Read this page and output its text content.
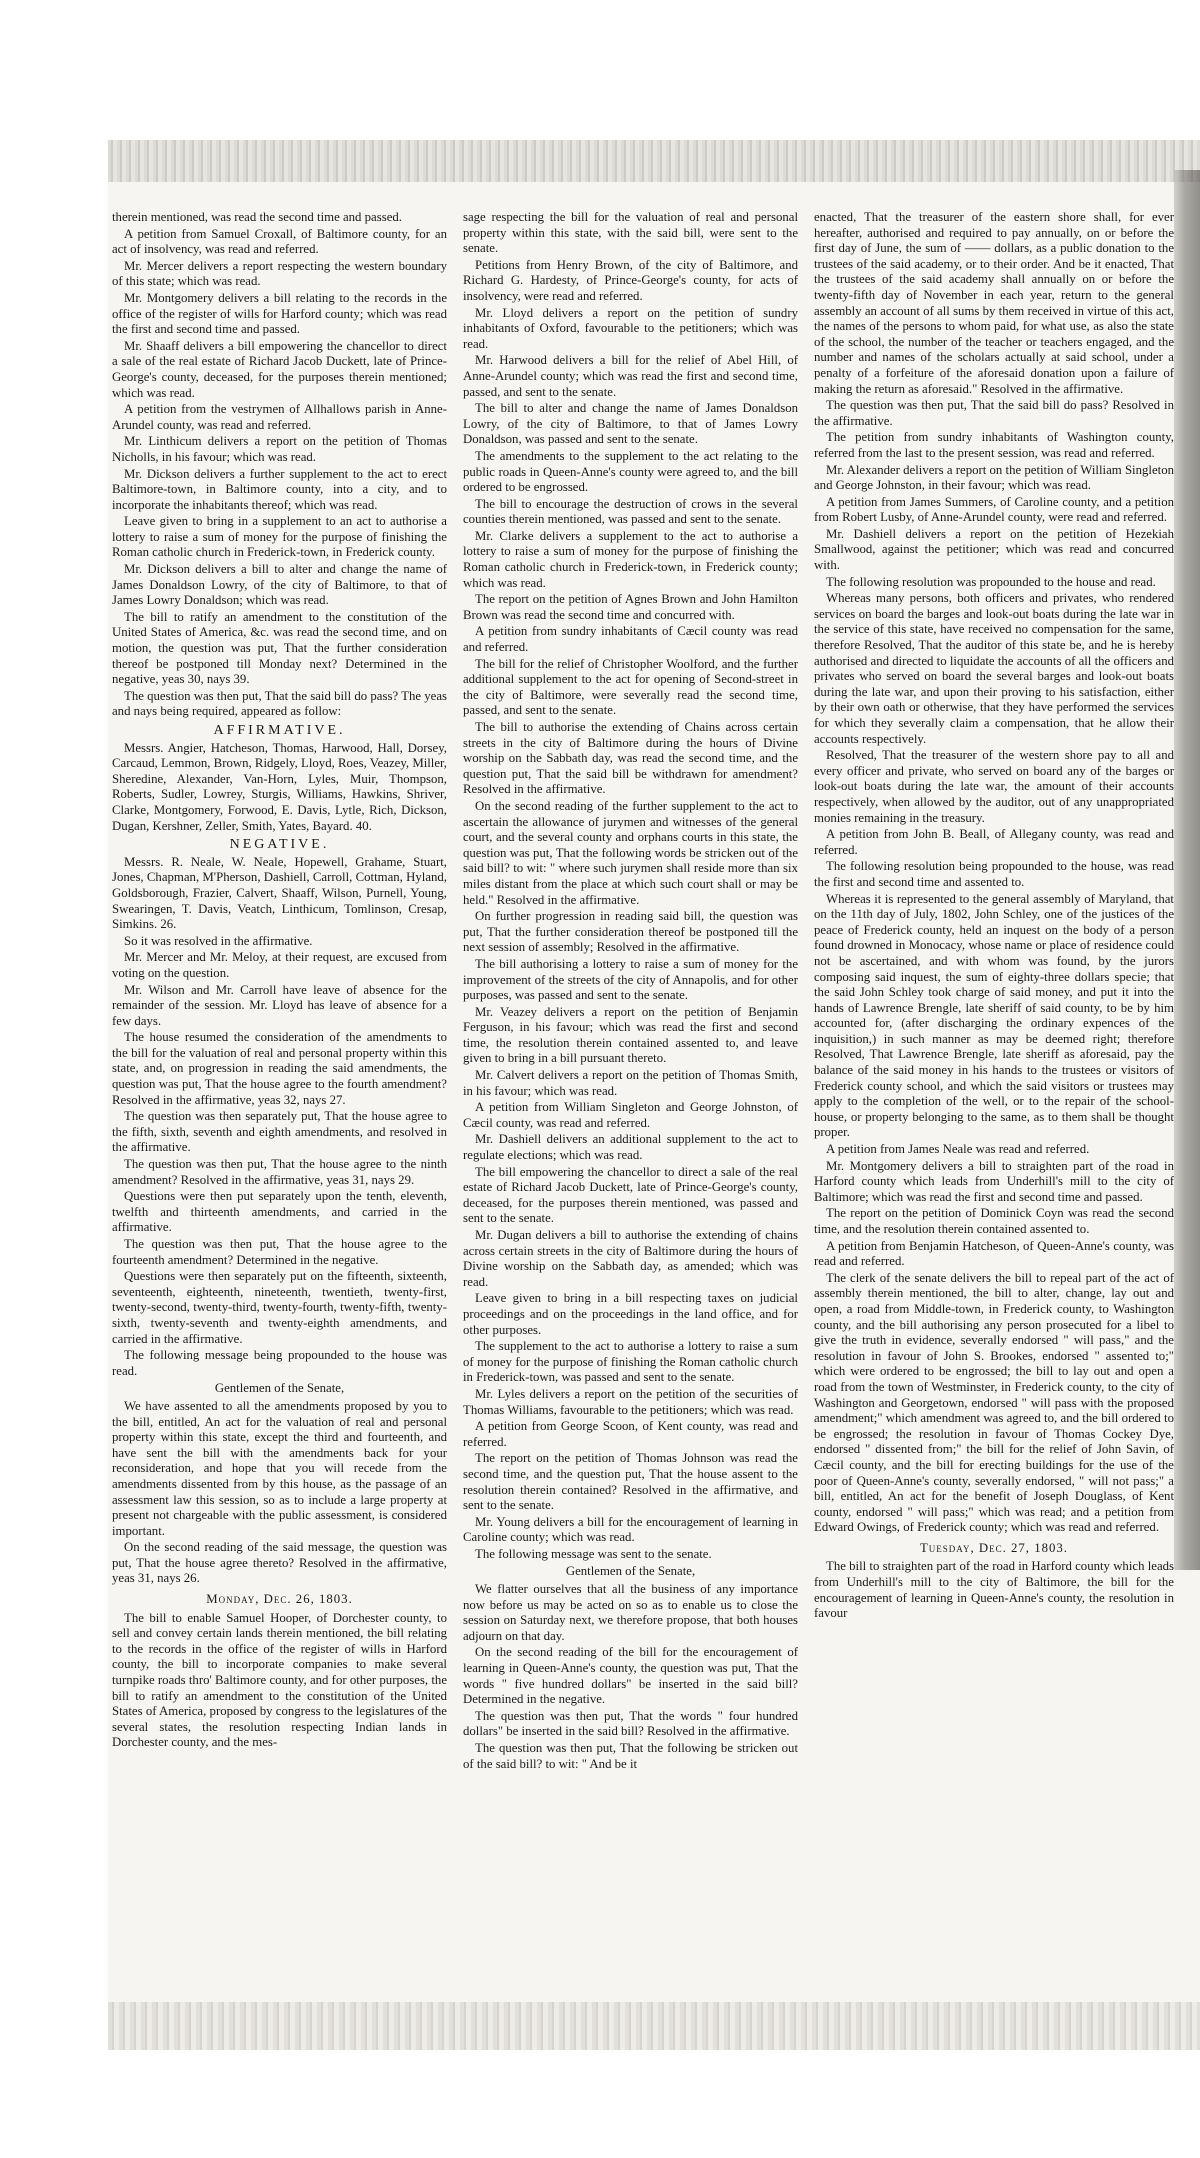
therein mentioned, was read the second time and passed.

A petition from Samuel Croxall, of Baltimore county, for an act of insolvency, was read and referred.

Mr. Mercer delivers a report respecting the western boundary of this state; which was read.

Mr. Montgomery delivers a bill relating to the records in the office of the register of wills for Harford county; which was read the first and second time and passed.

Mr. Shaaff delivers a bill empowering the chancellor to direct a sale of the real estate of Richard Jacob Duckett, late of Prince-George's county, deceased, for the purposes therein mentioned; which was read.

A petition from the vestrymen of Allhallows parish in Anne-Arundel county, was read and referred.

Mr. Linthicum delivers a report on the petition of Thomas Nicholls, in his favour; which was read.

Mr. Dickson delivers a further supplement to the act to erect Baltimore-town, in Baltimore county, into a city, and to incorporate the inhabitants thereof; which was read.

Leave given to bring in a supplement to an act to authorise a lottery to raise a sum of money for the purpose of finishing the Roman catholic church in Frederick-town, in Frederick county.

Mr. Dickson delivers a bill to alter and change the name of James Donaldson Lowry, of the city of Baltimore, to that of James Lowry Donaldson; which was read.

The bill to ratify an amendment to the constitution of the United States of America, &c. was read the second time, and on motion, the question was put, That the further consideration thereof be postponed till Monday next? Determined in the negative, yeas 30, nays 39.

The question was then put, That the said bill do pass? The yeas and nays being required, appeared as follow:

AFFIRMATIVE.

Messrs. Angier, Hatcheson, Thomas, Harwood, Hall, Dorsey, Carcaud, Lemmon, Brown, Ridgely, Lloyd, Roes, Veazey, Miller, Sheredine, Alexander, Van-Horn, Lyles, Muir, Thompson, Roberts, Sudler, Lowrey, Sturgis, Williams, Hawkins, Shriver, Clarke, Montgomery, Forwood, E. Davis, Lytle, Rich, Dickson, Dugan, Kershner, Zeller, Smith, Yates, Bayard. 40.

NEGATIVE.

Messrs. R. Neale, W. Neale, Hopewell, Grahame, Stuart, Jones, Chapman, M'Pherson, Dashiell, Carroll, Cottman, Hyland, Goldsborough, Frazier, Calvert, Shaaff, Wilson, Purnell, Young, Swearingen, T. Davis, Veatch, Linthicum, Tomlinson, Cresap, Simkins. 26.

So it was resolved in the affirmative.

Mr. Mercer and Mr. Meloy, at their request, are excused from voting on the question.

Mr. Wilson and Mr. Carroll have leave of absence for the remainder of the session. Mr. Lloyd has leave of absence for a few days.

The house resumed the consideration of the amendments to the bill for the valuation of real and personal property within this state, and, on progression in reading the said amendments, the question was put, That the house agree to the fourth amendment? Resolved in the affirmative, yeas 32, nays 27.

The question was then separately put, That the house agree to the fifth, sixth, seventh and eighth amendments, and resolved in the affirmative.

The question was then put, That the house agree to the ninth amendment? Resolved in the affirmative, yeas 31, nays 29.

Questions were then put separately upon the tenth, eleventh, twelfth and thirteenth amendments, and carried in the affirmative.

The question was then put, That the house agree to the fourteenth amendment? Determined in the negative.

Questions were then separately put on the fifteenth, sixteenth, seventeenth, eighteenth, nineteenth, twentieth, twenty-first, twenty-second, twenty-third, twenty-fourth, twenty-fifth, twenty-sixth, twenty-seventh and twenty-eighth amendments, and carried in the affirmative.

The following message being propounded to the house was read.

Gentlemen of the Senate,

We have assented to all the amendments proposed by you to the bill, entitled, An act for the valuation of real and personal property within this state, except the third and fourteenth, and have sent the bill with the amendments back for your reconsideration, and hope that you will recede from the amendments dissented from by this house, as the passage of an assessment law this session, so as to include a large property at present not chargeable with the public assessment, is considered important.

On the second reading of the said message, the question was put, That the house agree thereto? Resolved in the affirmative, yeas 31, nays 26.

Monday, Dec. 26, 1803.

The bill to enable Samuel Hooper, of Dorchester county, to sell and convey certain lands therein mentioned, the bill relating to the records in the office of the register of wills in Harford county, the bill to incorporate companies to make several turnpike roads thro' Baltimore county, and for other purposes, the bill to ratify an amendment to the constitution of the United States of America, proposed by congress to the legislatures of the several states, the resolution respecting Indian lands in Dorchester county, and the mes-

sage respecting the bill for the valuation of real and personal property within this state, with the said bill, were sent to the senate.

Petitions from Henry Brown, of the city of Baltimore, and Richard G. Hardesty, of Prince-George's county, for acts of insolvency, were read and referred.

Mr. Lloyd delivers a report on the petition of sundry inhabitants of Oxford, favourable to the petitioners; which was read.

Mr. Harwood delivers a bill for the relief of Abel Hill, of Anne-Arundel county; which was read the first and second time, passed, and sent to the senate.

The bill to alter and change the name of James Donaldson Lowry, of the city of Baltimore, to that of James Lowry Donaldson, was passed and sent to the senate.

The amendments to the supplement to the act relating to the public roads in Queen-Anne's county were agreed to, and the bill ordered to be engrossed.

The bill to encourage the destruction of crows in the several counties therein mentioned, was passed and sent to the senate.

Mr. Clarke delivers a supplement to the act to authorise a lottery to raise a sum of money for the purpose of finishing the Roman catholic church in Frederick-town, in Frederick county; which was read.

The report on the petition of Agnes Brown and John Hamilton Brown was read the second time and concurred with.

A petition from sundry inhabitants of Cæcil county was read and referred.

The bill for the relief of Christopher Woolford, and the further additional supplement to the act for opening of Second-street in the city of Baltimore, were severally read the second time, passed, and sent to the senate.

The bill to authorise the extending of Chains across certain streets in the city of Baltimore during the hours of Divine worship on the Sabbath day, was read the second time, and the question put, That the said bill be withdrawn for amendment? Resolved in the affirmative.

On the second reading of the further supplement to the act to ascertain the allowance of jurymen and witnesses of the general court, and the several county and orphans courts in this state, the question was put, That the following words be stricken out of the said bill? to wit: " where such jurymen shall reside more than six miles distant from the place at which such court shall or may be held." Resolved in the affirmative.

On further progression in reading said bill, the question was put, That the further consideration thereof be postponed till the next session of assembly; Resolved in the affirmative.

The bill authorising a lottery to raise a sum of money for the improvement of the streets of the city of Annapolis, and for other purposes, was passed and sent to the senate.

Mr. Veazey delivers a report on the petition of Benjamin Ferguson, in his favour; which was read the first and second time, the resolution therein contained assented to, and leave given to bring in a bill pursuant thereto.

Mr. Calvert delivers a report on the petition of Thomas Smith, in his favour; which was read.

A petition from William Singleton and George Johnston, of Cæcil county, was read and referred.

Mr. Dashiell delivers an additional supplement to the act to regulate elections; which was read.

The bill empowering the chancellor to direct a sale of the real estate of Richard Jacob Duckett, late of Prince-George's county, deceased, for the purposes therein mentioned, was passed and sent to the senate.

Mr. Dugan delivers a bill to authorise the extending of chains across certain streets in the city of Baltimore during the hours of Divine worship on the Sabbath day, as amended; which was read.

Leave given to bring in a bill respecting taxes on judicial proceedings and on the proceedings in the land office, and for other purposes.

The supplement to the act to authorise a lottery to raise a sum of money for the purpose of finishing the Roman catholic church in Frederick-town, was passed and sent to the senate.

Mr. Lyles delivers a report on the petition of the securities of Thomas Williams, favourable to the petitioners; which was read.

A petition from George Scoon, of Kent county, was read and referred.

The report on the petition of Thomas Johnson was read the second time, and the question put, That the house assent to the resolution therein contained? Resolved in the affirmative, and sent to the senate.

Mr. Young delivers a bill for the encouragement of learning in Caroline county; which was read.

The following message was sent to the senate.

Gentlemen of the Senate,

We flatter ourselves that all the business of any importance now before us may be acted on so as to enable us to close the session on Saturday next, we therefore propose, that both houses adjourn on that day.

On the second reading of the bill for the encouragement of learning in Queen-Anne's county, the question was put, That the words " five hundred dollars" be inserted in the said bill? Determined in the negative.

The question was then put, That the words " four hundred dollars" be inserted in the said bill? Resolved in the affirmative.

The question was then put, That the following be stricken out of the said bill? to wit: " And be it

enacted, That the treasurer of the eastern shore shall, for ever hereafter, authorised and required to pay annually, on or before the first day of June, the sum of —— dollars, as a public donation to the trustees of the said academy, or to their order. And be it enacted, That the trustees of the said academy shall annually on or before the twenty-fifth day of November in each year, return to the general assembly an account of all sums by them received in virtue of this act, the names of the persons to whom paid, for what use, as also the state of the school, the number of the teacher or teachers engaged, and the number and names of the scholars actually at said school, under a penalty of a forfeiture of the aforesaid donation upon a failure of making the return as aforesaid." Resolved in the affirmative.

The question was then put, That the said bill do pass? Resolved in the affirmative.

The petition from sundry inhabitants of Washington county, referred from the last to the present session, was read and referred.

Mr. Alexander delivers a report on the petition of William Singleton and George Johnston, in their favour; which was read.

A petition from James Summers, of Caroline county, and a petition from Robert Lusby, of Anne-Arundel county, were read and referred.

Mr. Dashiell delivers a report on the petition of Hezekiah Smallwood, against the petitioner; which was read and concurred with.

The following resolution was propounded to the house and read.

Whereas many persons, both officers and privates, who rendered services on board the barges and look-out boats during the late war in the service of this state, have received no compensation for the same, therefore Resolved, That the auditor of this state be, and he is hereby authorised and directed to liquidate the accounts of all the officers and privates who served on board the several barges and look-out boats during the late war, and upon their proving to his satisfaction, either by their own oath or otherwise, that they have performed the services for which they severally claim a compensation, that he allow their accounts respectively.

Resolved, That the treasurer of the western shore pay to all and every officer and private, who served on board any of the barges or look-out boats during the late war, the amount of their accounts respectively, when allowed by the auditor, out of any unappropriated monies remaining in the treasury.

A petition from John B. Beall, of Allegany county, was read and referred.

The following resolution being propounded to the house, was read the first and second time and assented to.

Whereas it is represented to the general assembly of Maryland, that on the 11th day of July, 1802, John Schley, one of the justices of the peace of Frederick county, held an inquest on the body of a person found drowned in Monocacy, whose name or place of residence could not be ascertained, and with whom was found, by the jurors composing said inquest, the sum of eighty-three dollars specie; that the said John Schley took charge of said money, and put it into the hands of Lawrence Brengle, late sheriff of said county, to be by him accounted for, (after discharging the ordinary expences of the inquisition,) in such manner as may be deemed right; therefore Resolved, That Lawrence Brengle, late sheriff as aforesaid, pay the balance of the said money in his hands to the trustees or visitors of Frederick county school, and which the said visitors or trustees may apply to the completion of the well, or to the repair of the school-house, or property belonging to the same, as to them shall be thought proper.

A petition from James Neale was read and referred.

Mr. Montgomery delivers a bill to straighten part of the road in Harford county which leads from Underhill's mill to the city of Baltimore; which was read the first and second time and passed.

The report on the petition of Dominick Coyn was read the second time, and the resolution therein contained assented to.

A petition from Benjamin Hatcheson, of Queen-Anne's county, was read and referred.

The clerk of the senate delivers the bill to repeal part of the act of assembly therein mentioned, the bill to alter, change, lay out and open, a road from Middle-town, in Frederick county, to Washington county, and the bill authorising any person prosecuted for a libel to give the truth in evidence, severally endorsed " will pass," and the resolution in favour of John S. Brookes, endorsed " assented to;" which were ordered to be engrossed; the bill to lay out and open a road from the town of Westminster, in Frederick county, to the city of Washington and Georgetown, endorsed " will pass with the proposed amendment;" which amendment was agreed to, and the bill ordered to be engrossed; the resolution in favour of Thomas Cockey Dye, endorsed " dissented from;" the bill for the relief of John Savin, of Cæcil county, and the bill for erecting buildings for the use of the poor of Queen-Anne's county, severally endorsed, " will not pass;" a bill, entitled, An act for the benefit of Joseph Douglass, of Kent county, endorsed " will pass;" which was read; and a petition from Edward Owings, of Frederick county; which was read and referred.

Tuesday, Dec. 27, 1803.

The bill to straighten part of the road in Harford county which leads from Underhill's mill to the city of Baltimore, the bill for the encouragement of learning in Queen-Anne's county, the resolution in favour
